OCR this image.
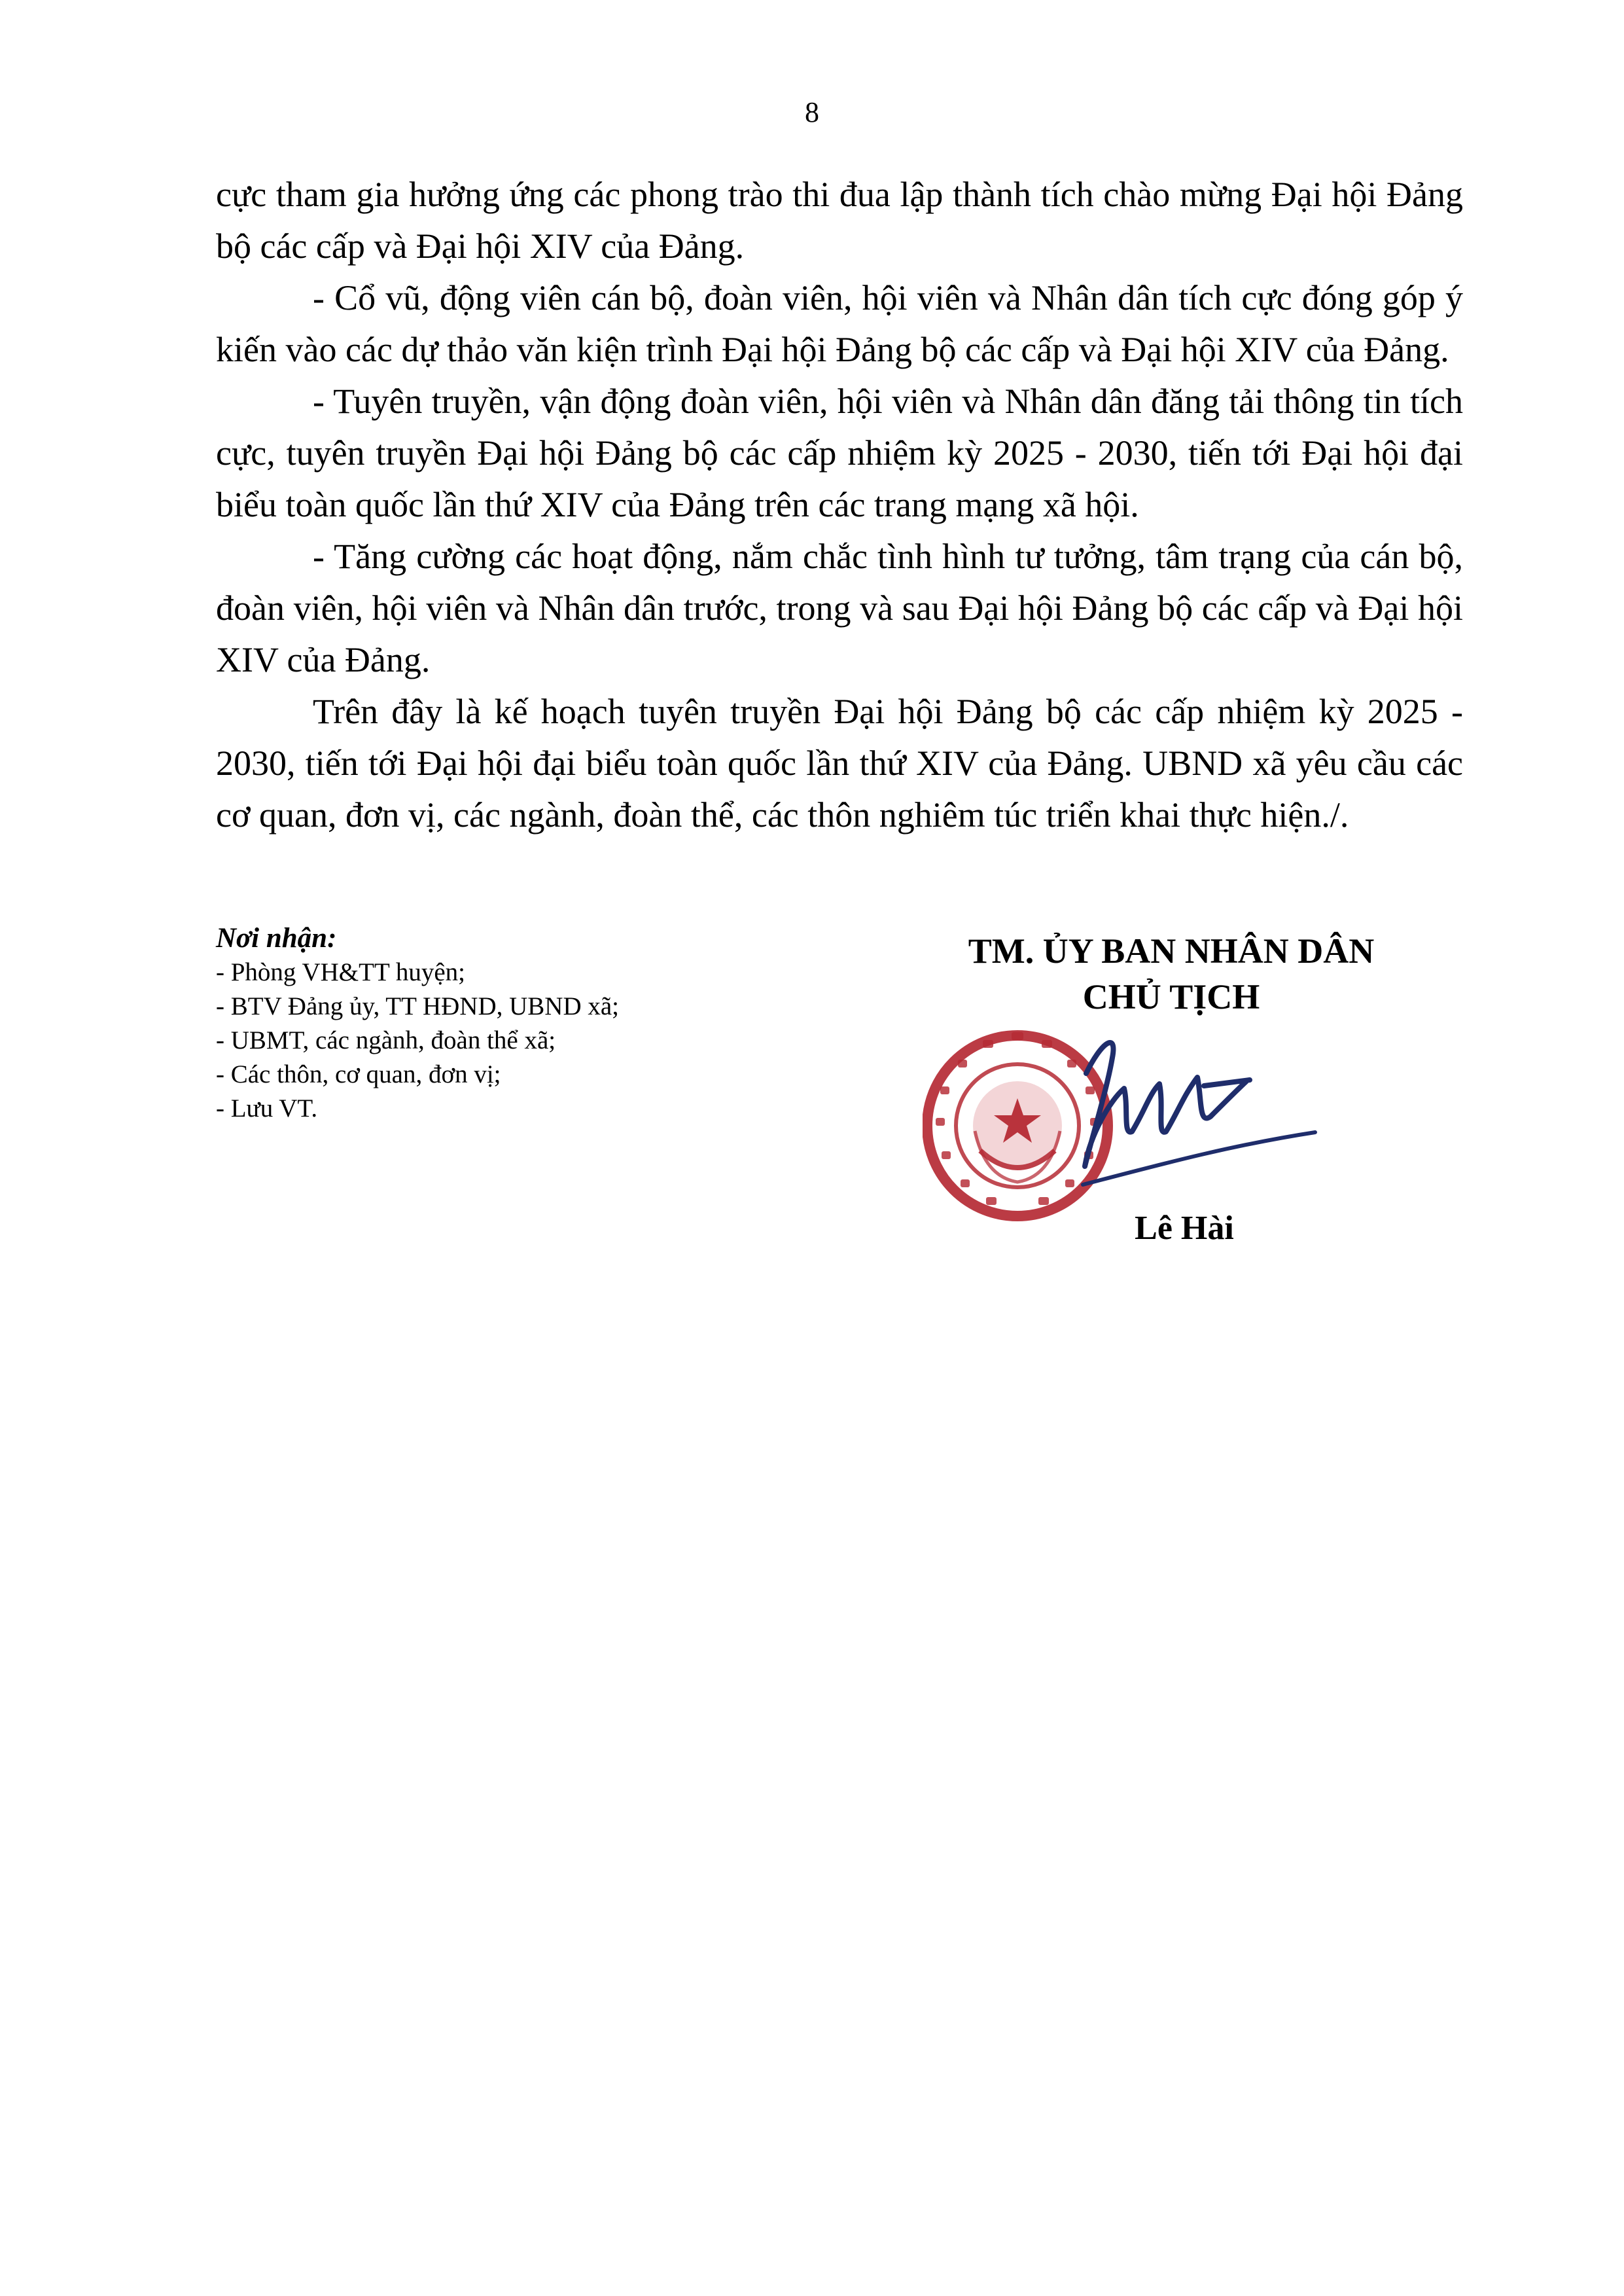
8

cực tham gia hưởng ứng các phong trào thi đua lập thành tích chào mừng Đại hội Đảng bộ các cấp và Đại hội XIV của Đảng.

- Cổ vũ, động viên cán bộ, đoàn viên, hội viên và Nhân dân tích cực đóng góp ý kiến vào các dự thảo văn kiện trình Đại hội Đảng bộ các cấp và Đại hội XIV của Đảng.

- Tuyên truyền, vận động đoàn viên, hội viên và Nhân dân đăng tải thông tin tích cực, tuyên truyền Đại hội Đảng bộ các cấp nhiệm kỳ 2025 - 2030, tiến tới Đại hội đại biểu toàn quốc lần thứ XIV của Đảng trên các trang mạng xã hội.

- Tăng cường các hoạt động, nắm chắc tình hình tư tưởng, tâm trạng của cán bộ, đoàn viên, hội viên và Nhân dân trước, trong và sau Đại hội Đảng bộ các cấp và Đại hội XIV của Đảng.

Trên đây là kế hoạch tuyên truyền Đại hội Đảng bộ các cấp nhiệm kỳ 2025 - 2030, tiến tới Đại hội đại biểu toàn quốc lần thứ XIV của Đảng. UBND xã yêu cầu các cơ quan, đơn vị, các ngành, đoàn thể, các thôn nghiêm túc triển khai thực hiện./.

Nơi nhận:
- Phòng VH&TT huyện;
- BTV Đảng ủy, TT HĐND, UBND xã;
- UBMT, các ngành, đoàn thể xã;
- Các thôn, cơ quan, đơn vị;
- Lưu VT.
TM. ỦY BAN NHÂN DÂN
CHỦ TỊCH
Lê Hài
